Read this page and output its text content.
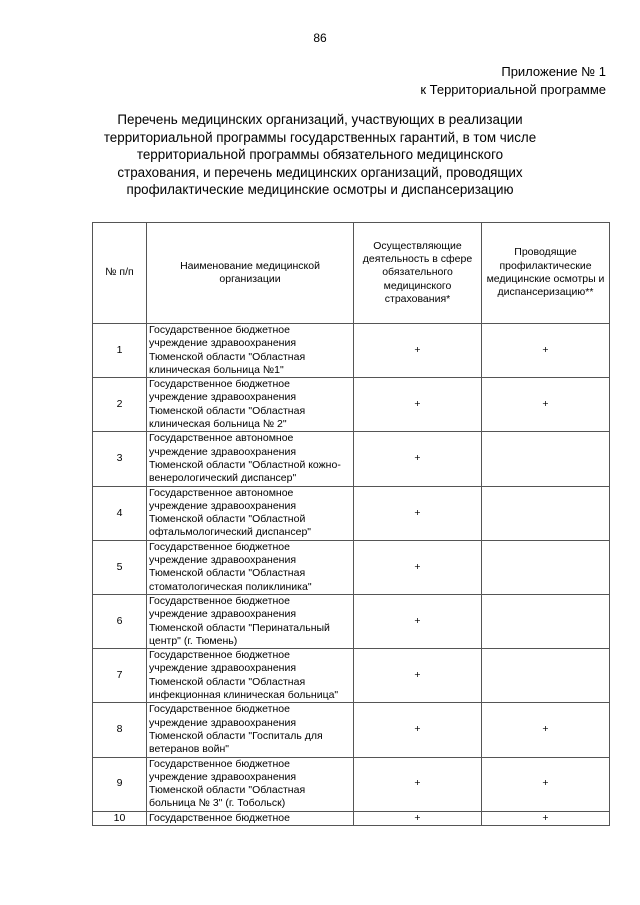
86
Приложение № 1
к Территориальной программе
Перечень медицинских организаций, участвующих в реализации территориальной программы государственных гарантий, в том числе территориальной программы обязательного медицинского страхования, и перечень медицинских организаций, проводящих профилактические медицинские осмотры и диспансеризацию
№ п/п	Наименование медицинской организации	Осуществляющие деятельность в сфере обязательного медицинского страхования*	Проводящие профилактические медицинские осмотры и диспансеризацию**
1	Государственное бюджетное учреждение здравоохранения Тюменской области "Областная клиническая больница №1"	+	+
2	Государственное бюджетное учреждение здравоохранения Тюменской области "Областная клиническая больница № 2"	+	+
3	Государственное автономное учреждение здравоохранения Тюменской области "Областной кожно-венерологический диспансер"	+	
4	Государственное автономное учреждение здравоохранения Тюменской области "Областной офтальмологический диспансер"	+	
5	Государственное бюджетное учреждение здравоохранения Тюменской области "Областная стоматологическая поликлиника"	+	
6	Государственное бюджетное учреждение здравоохранения Тюменской области "Перинатальный центр" (г. Тюмень)	+	
7	Государственное бюджетное учреждение здравоохранения Тюменской области "Областная инфекционная клиническая больница"	+	
8	Государственное бюджетное учреждение здравоохранения Тюменской области "Госпиталь для ветеранов войн"	+	+
9	Государственное бюджетное учреждение здравоохранения Тюменской области "Областная больница № 3" (г. Тобольск)	+	+
10	Государственное бюджетное	+	+
